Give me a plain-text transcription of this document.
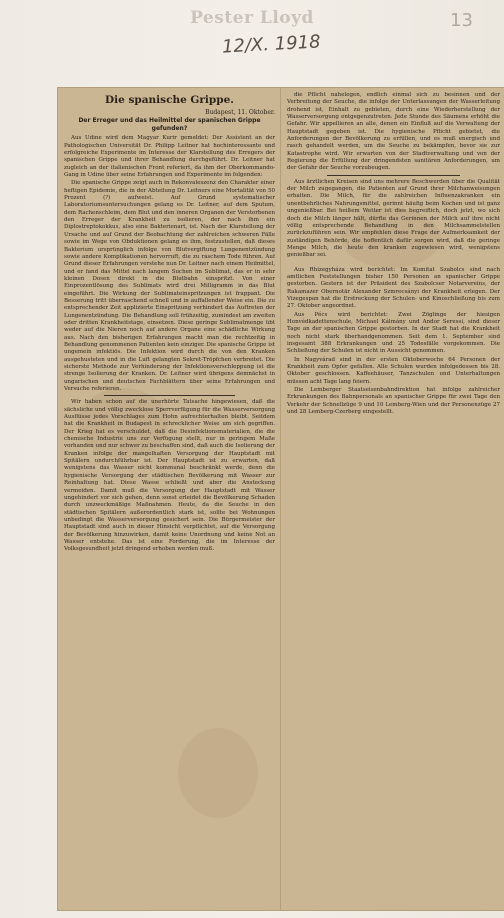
Pester Lloyd
12/X. 1918
13
Die spanische Grippe.
Budapest, 11. Oktober.
Der Erreger und das Heilmittel der spanischen Grippe gefunden?

Aus Udine wird dem Magyar Kurir gemeldet: Der Assistent an der Pathologischen Universität Dr. Philipp Leitner hat hochinteressante und erfolgreiche Experimente im Interesse der Klarstellung des Erregers der spanischen Grippe und ihrer Behandlung durchgeführt. Dr. Leitner hat zugleich an der italienischen Front referiert, da ihm der Oberkommando-Gang in Udine über seine Erfahrungen und Experimente im folgenden:

Die spanische Grippe zeigt auch in Rekonvaleszenz den Charakter einer heftigen Epidemie, die in der Abteilung Dr. Leitners eine Mortalität von 50 Prozent (?) aufweist. Auf Grund systematischer Laboratoriumsuntersuchungen gelang es Dr. Leitner, auf dem Sputum, dem Rachenschleim, dem Blut und den inneren Organen der Verstorbenen den Erreger der Krankheit zu isolieren, der nach ihm ein Diplostreptokokkus, also eine Bakterienart, ist. Nach der Klarstellung der Ursache und auf Grund der Beobachtung der zahlreichen schweren Fälle sowie im Wege von Obduktionen gelang es ihm, festzustellen, daß dieses Bakterium ursprünglich infolge von Blutvergiftung Lungenentzündung sowie andere Komplikationen hervorruft, die zu raschem Tode führen. Auf Grund dieser Erfahrungen verstehe nun Dr. Leitner nach einem Heilmittel, und er fand das Mittel nach langem Suchen im Sublimat, das er in sehr kleinen Dosen direkt in die Blutbahn einspritzt. Von einer Einprozentlösung des Sublimats wird drei Milligramm in das Blut eingeführt. Die Wirkung der Sublimateinspritzungen ist frappant. Die Besserung tritt überraschend schnell und in auffallender Weise ein. Die zu entsprechender Zeit applizierte Einspritzung verhindert das Auftreten der Lungenentzündung. Die Behandlung soll frühzeitig, zumindest am zweiten oder dritten Krankheitstage, einsetzen. Diese geringe Sublimatmenge übt weder auf die Nieren noch auf andere Organe eine schädliche Wirkung aus. Nach den bisherigen Erfahrungen macht man die rechtzeitig in Behandlung genommenen Patienten kein einziger. Die spanische Grippe ist ungemein infektiös. Die Infektion wird durch die von den Kranken ausgehusteten und in die Luft gelangten Sekret-Tröpfchen verbreitet. Die sicherste Methode zur Verhinderung der Infektionsverschleppung ist die strenge Isolierung der Kranken. Dr. Leitner wird übrigens demnächst in ungarischen und deutschen Fachblättern über seine Erfahrungen und Versuche referieren.

Wir haben schon auf die unerhörte Tatsache hingewiesen, daß die sächsliche und völlig zwecklose Sperrverfügung für die Wasserversorgung Ausflüsse jedes Vorschlages zum Hohn aufrechterhalten bleibt. Seitdem hat die Krankheit in Budapest in schrecklicher Weise um sich gegriffen. Der Krieg hat es verschuldet, daß die Desinfektionsmaterialien, die die chemische Industrie uns zur Verfügung stellt, nur in geringem Maße vorhanden und nur schwer zu beschaffen sind, daß auch die Isolierung der Kranken infolge der mangelhaften Versorgung der Hauptstadt mit Spitälern undurchführbar ist. Der Hauptstadt ist zu erwarten, daß wenigstens das Wasser nicht kommunal beschränkt werde, denn die hygienische Versorgung der städtischen Bevölkerung mit Wasser zur Reinhaltung hat. Diese Wasse schließt und aber die Ansteckung vermeiden. Damit muß die Versorgung der Hauptstadt mit Wasser ungehindert vor sich gehen, denn sonst erleidet die Bevölkerung Schaden durch unzweckmäßige Maßnahmen. Heute, da die Seuche in den städtischen Spitälern außerordentlich stark ist, sollte bei Wohnungen unbedingt die Wasserversorgung gesichert sein. Die Bürgermeister der Hauptstadt sind auch in dieser Hinsicht verpflichtet, auf die Versorgung der Bevölkerung hinzuwirken, damit keine Unordnung und keine Not an Wasser entstehe. Das ist eine Forderung, die im Interesse der Volksgesundheit jetzt dringend erhoben werden muß.

die Pflicht nahelegen, endlich einmal sich zu besinnen und der Verbreitung der Seuche, die infolge der Unterlassungen der Wasserleitung drohend ist, Einhalt zu gebieten, durch eine Wiederherstellung der Wasserversorgung entgegenzutreten. Jede Stunde des Säumens erhöht die Gefahr. Wir appellieren an alle, denen ein Einfluß auf die Verwaltung der Hauptstadt gegeben ist. Die hygienische Pflicht gebietet, die Anforderungen der Bevölkerung zu erfüllen, und es muß energisch und rasch gehandelt werden, um die Seuche zu bekämpfen, bevor sie zur Katastrophe wird. Wir erwarten von der Stadtverwaltung und von der Regierung die Erfüllung der dringendsten sanitären Anforderungen, um der Gefahr der Seuche vorzubeugen.

Aus ärztlichen Kreisen sind uns mehrere Beschwerden über die Qualität der Milch zugegangen, die Patienten auf Grund ihrer Milchanweisungen erhalten. Die Milch, für die zahlreichen Influenzakranken ein unentbehrliches Nahrungsmittel, gerinnt häufig beim Kochen und ist ganz ungenießbar. Bei heißem Wetter ist dies begreiflich, doch jetzt, wo sich doch die Milch länger hält, dürfte das Gerinnen der Milch auf ihre nicht völlig entsprechende Behandlung in den Milchsammelstellen zurückzuführen sein. Wir empfehlen diese Frage der Aufmerksamkeit der zuständigen Behörde, die hoffentlich dafür sorgen wird, daß die geringe Menge Milch, die heute den kranken zugewiesen wird, wenigstens genießbar sei.

Aus Rhizegyháza wird berichtet: Im Komitat Szabolcs sind nach amtlichen Feststellungen bisher 150 Personen an spanischer Grippe gestorben. Gestern ist der Präsident des Szabolcser Notarvereins, der Rakamazer Obernotär Alexander Szmrecsányi der Krankheit erlegen. Der Vizegespan hat die Erstreckung der Schulen- und Kinoschließung bis zum 27. Oktober angeordnet.

Aus Pécs wird berichtet: Zwei Zöglinge der hiesigen Honvédkadettenschule, Michael Kálmány und Andor Seressi, sind dieser Tage an der spanischen Grippe gestorben. In der Stadt hat die Krankheit noch nicht stark überhandgenommen. Seit dem 1. September sind insgesamt 388 Erkrankungen und 25 Todesfälle vorgekommen. Die Schließung der Schulen ist nicht in Aussicht genommen.

In Nagyvárad sind in der ersten Oktoberwoche 64 Personen der Krankheit zum Opfer gefallen. Alle Schulen wurden infolgedessen bis 28. Oktober geschlossen. Kaffeehäuser, Tanzschulen und Unterhaltungen müssen acht Tage lang feiern.

Die Lemberger Staatseisenbahndirektion hat infolge zahlreicher Erkrankungen des Bahnpersonals an spanischer Grippe für zwei Tage den Verkehr der Schnellzüge 9 und 10 Lemberg-Wien und der Personenzüge 27 und 28 Lemberg-Czerberg eingestellt.
